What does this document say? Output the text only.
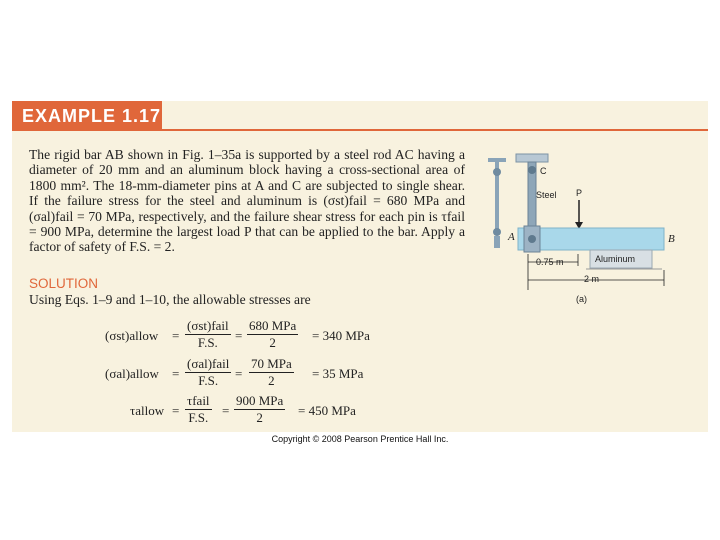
EXAMPLE 1.17
The rigid bar AB shown in Fig. 1–35a is supported by a steel rod AC having a diameter of 20 mm and an aluminum block having a cross-sectional area of 1800 mm². The 18-mm-diameter pins at A and C are subjected to single shear. If the failure stress for the steel and aluminum is (σst)fail = 680 MPa and (σal)fail = 70 MPa, respectively, and the failure shear stress for each pin is τfail = 900 MPa, determine the largest load P that can be applied to the bar. Apply a factor of safety of F.S. = 2.
SOLUTION
Using Eqs. 1–9 and 1–10, the allowable stresses are
(σst)allow =
(σst)fail
F.S.	=
680 MPa
2	= 340 MPa
(σal)allow =
(σal)fail
F.S.	=
70 MPa
2	= 35 MPa
τallow =
τfail
F.S. =
900 MPa
2	= 450 MPa
C
Steel P
A	B
Aluminum
0.75 m
2 m
(a)
Copyright © 2008 Pearson Prentice Hall Inc.
